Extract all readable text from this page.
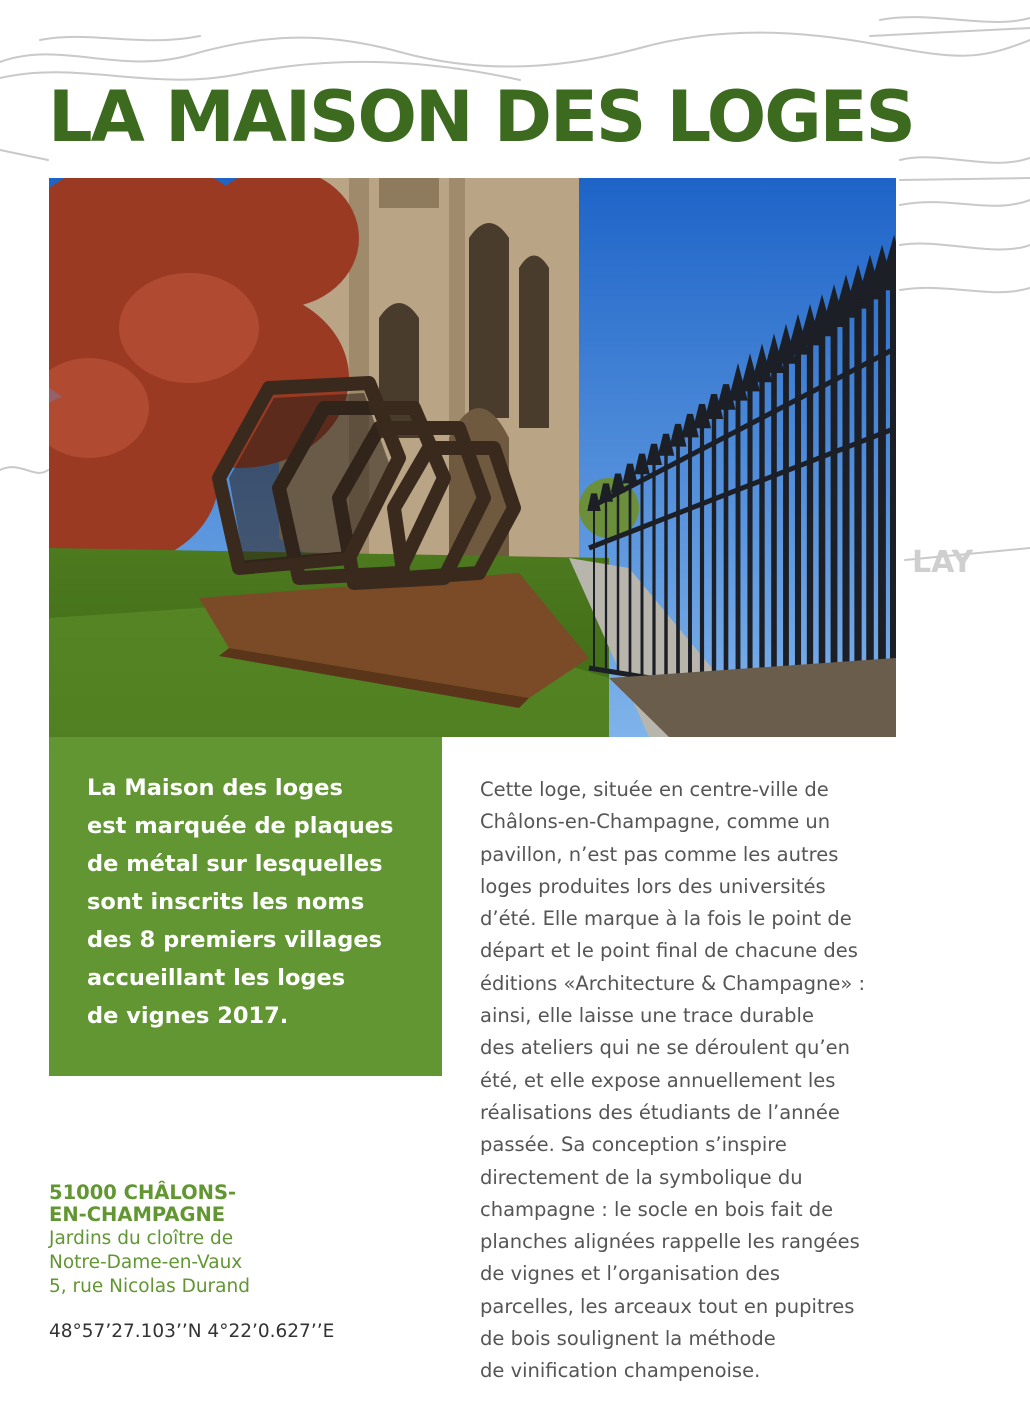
LAY
LA MAISON DES LOGES

La Maison des loges
est marquée de plaques
de métal sur lesquelles
sont inscrits les noms
des 8 premiers villages
accueillant les loges
de vignes 2017.

Cette loge, située en centre-ville de
Châlons-en-Champagne, comme un
pavillon, n’est pas comme les autres
loges produites lors des universités
d’été. Elle marque à la fois le point de
départ et le point final de chacune des
éditions «Architecture & Champagne» :
ainsi, elle laisse une trace durable
des ateliers qui ne se déroulent qu’en
été, et elle expose annuellement les
réalisations des étudiants de l’année
passée. Sa conception s’inspire
directement de la symbolique du
champagne : le socle en bois fait de
planches alignées rappelle les rangées
de vignes et l’organisation des
parcelles, les arceaux tout en pupitres
de bois soulignent la méthode
de vinification champenoise.

51000 CHÂLONS-
EN-CHAMPAGNE

Jardins du cloître de
Notre-Dame-en-Vaux
5, rue Nicolas Durand

48°57’27.103’’N 4°22’0.627’’E
